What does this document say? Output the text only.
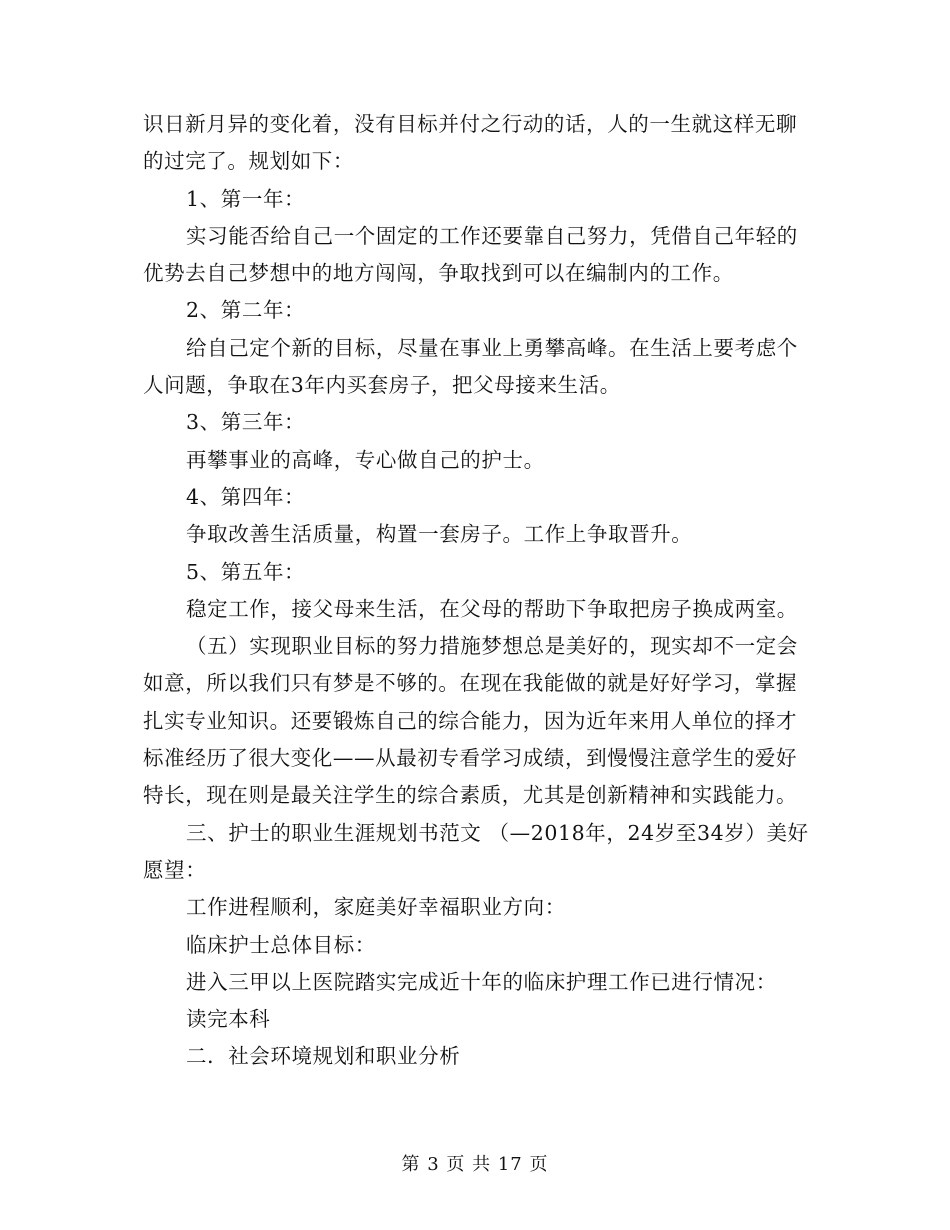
识日新月异的变化着，没有目标并付之行动的话，人的一生就这样无聊的过完了。规划如下：

1、第一年：

实习能否给自己一个固定的工作还要靠自己努力，凭借自己年轻的优势去自己梦想中的地方闯闯，争取找到可以在编制内的工作。

2、第二年：

给自己定个新的目标，尽量在事业上勇攀高峰。在生活上要考虑个人问题，争取在3年内买套房子，把父母接来生活。

3、第三年：

再攀事业的高峰，专心做自己的护士。

4、第四年：

争取改善生活质量，构置一套房子。工作上争取晋升。

5、第五年：

稳定工作，接父母来生活，在父母的帮助下争取把房子换成两室。

（五）实现职业目标的努力措施梦想总是美好的，现实却不一定会如意，所以我们只有梦是不够的。在现在我能做的就是好好学习，掌握扎实专业知识。还要锻炼自己的综合能力，因为近年来用人单位的择才标准经历了很大变化——从最初专看学习成绩，到慢慢注意学生的爱好特长，现在则是最关注学生的综合素质，尤其是创新精神和实践能力。

三、护士的职业生涯规划书范文 （—2018年，24岁至34岁）美好愿望：

工作进程顺利，家庭美好幸福职业方向：

临床护士总体目标：

进入三甲以上医院踏实完成近十年的临床护理工作已进行情况：

读完本科

二．社会环境规划和职业分析

第 3 页 共 17 页
